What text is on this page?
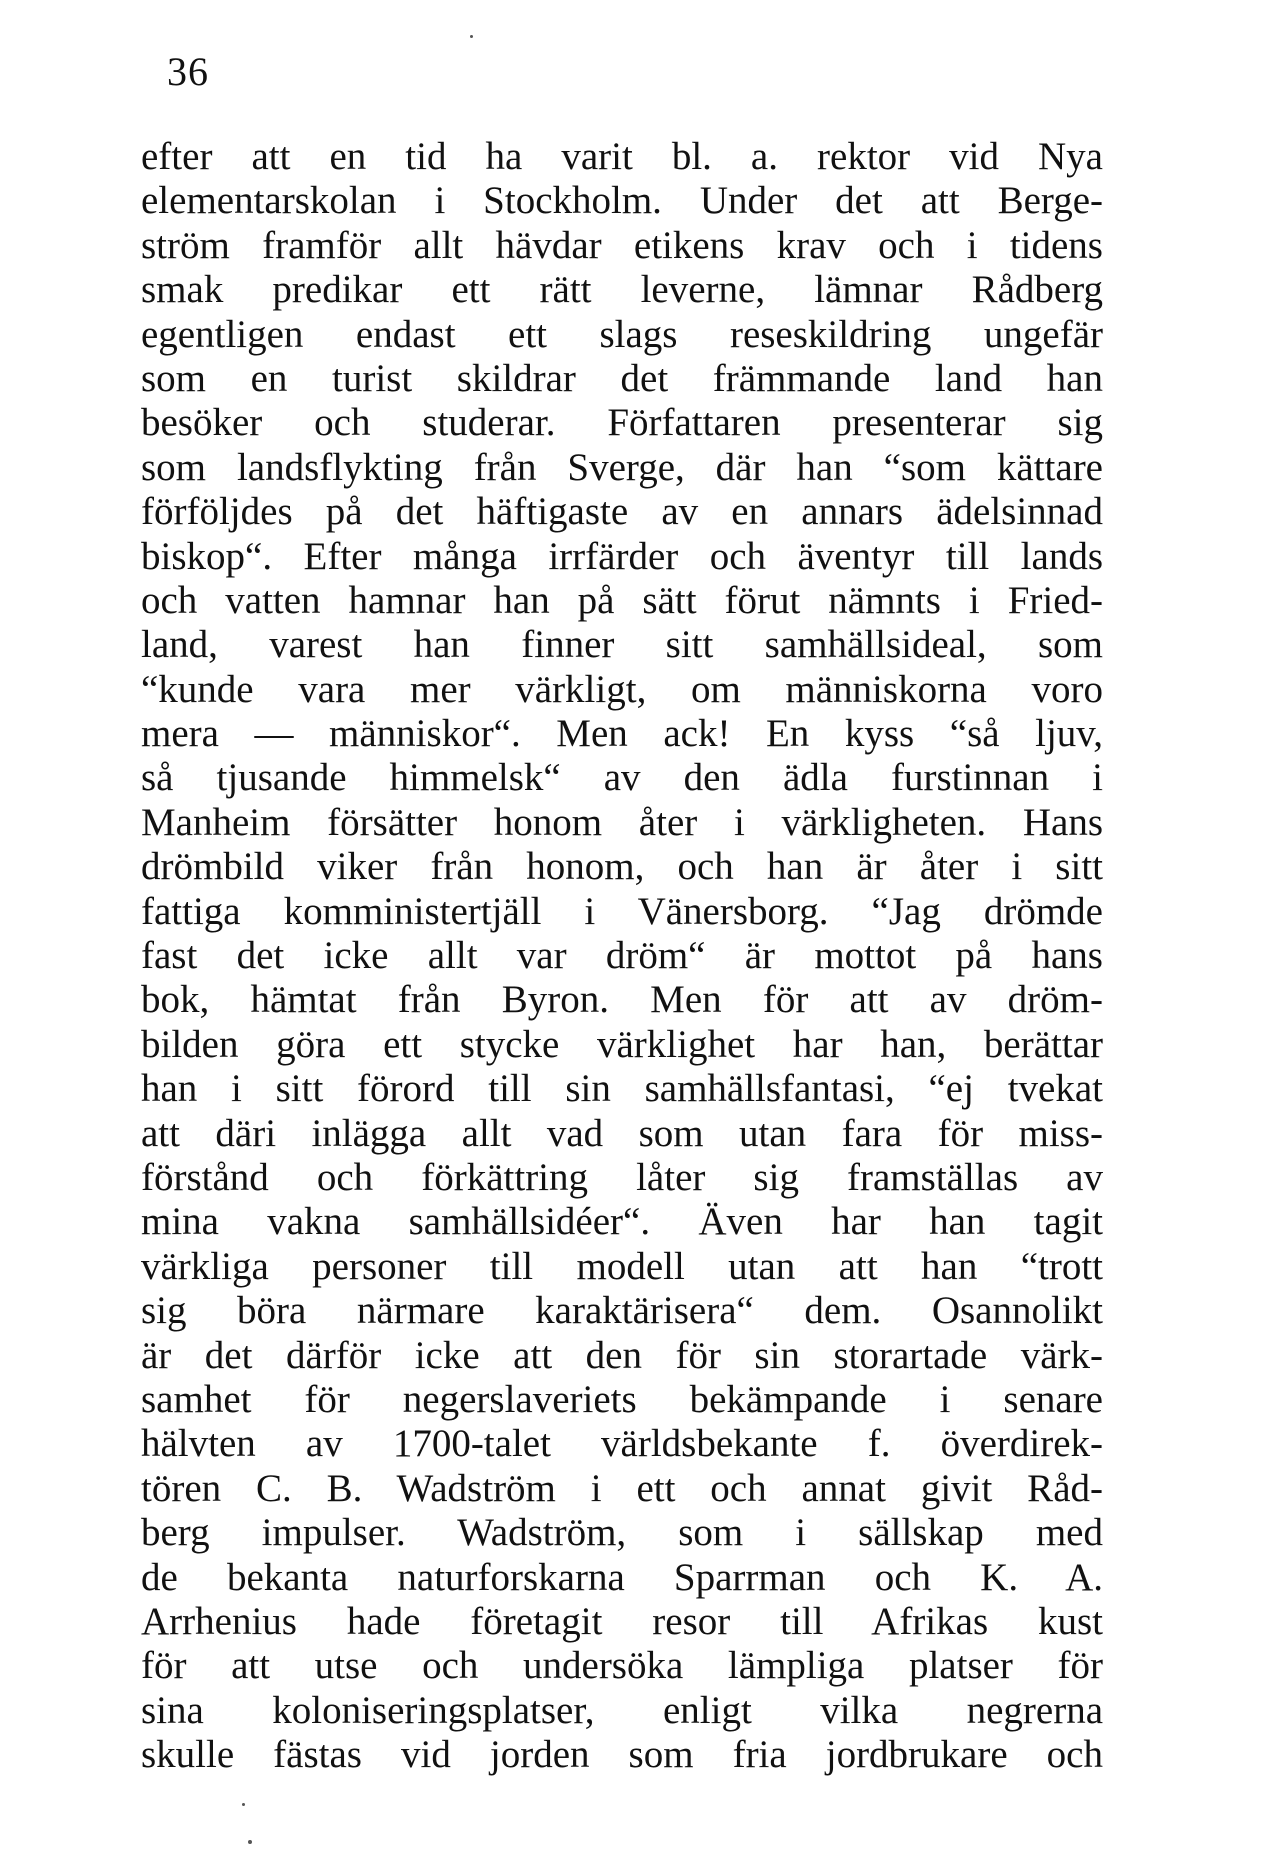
36
efter att en tid ha varit bl. a. rektor vid Nya
elementarskolan i Stockholm. Under det att Berge-
ström framför allt hävdar etikens krav och i tidens
smak predikar ett rätt leverne, lämnar Rådberg
egentligen endast ett slags reseskildring ungefär
som en turist skildrar det främmande land han
besöker och studerar. Författaren presenterar sig
som landsflykting från Sverge, där han “som kättare
förföljdes på det häftigaste av en annars ädelsinnad
biskop“. Efter många irrfärder och äventyr till lands
och vatten hamnar han på sätt förut nämnts i Fried-
land, varest han finner sitt samhällsideal, som
“kunde vara mer värkligt, om människorna voro
mera — människor“. Men ack! En kyss “så ljuv,
så tjusande himmelsk“ av den ädla furstinnan i
Manheim försätter honom åter i värkligheten. Hans
drömbild viker från honom, och han är åter i sitt
fattiga komministertjäll i Vänersborg. “Jag drömde
fast det icke allt var dröm“ är mottot på hans
bok, hämtat från Byron. Men för att av dröm-
bilden göra ett stycke värklighet har han, berättar
han i sitt förord till sin samhällsfantasi, “ej tvekat
att däri inlägga allt vad som utan fara för miss-
förstånd och förkättring låter sig framställas av
mina vakna samhällsidéer“. Även har han tagit
värkliga personer till modell utan att han “trott
sig böra närmare karaktärisera“ dem. Osannolikt
är det därför icke att den för sin storartade värk-
samhet för negerslaveriets bekämpande i senare
hälvten av 1700-talet världsbekante f. överdirek-
tören C. B. Wadström i ett och annat givit Råd-
berg impulser. Wadström, som i sällskap med
de bekanta naturforskarna Sparrman och K. A.
Arrhenius hade företagit resor till Afrikas kust
för att utse och undersöka lämpliga platser för
sina koloniseringsplatser, enligt vilka negrerna
skulle fästas vid jorden som fria jordbrukare och
